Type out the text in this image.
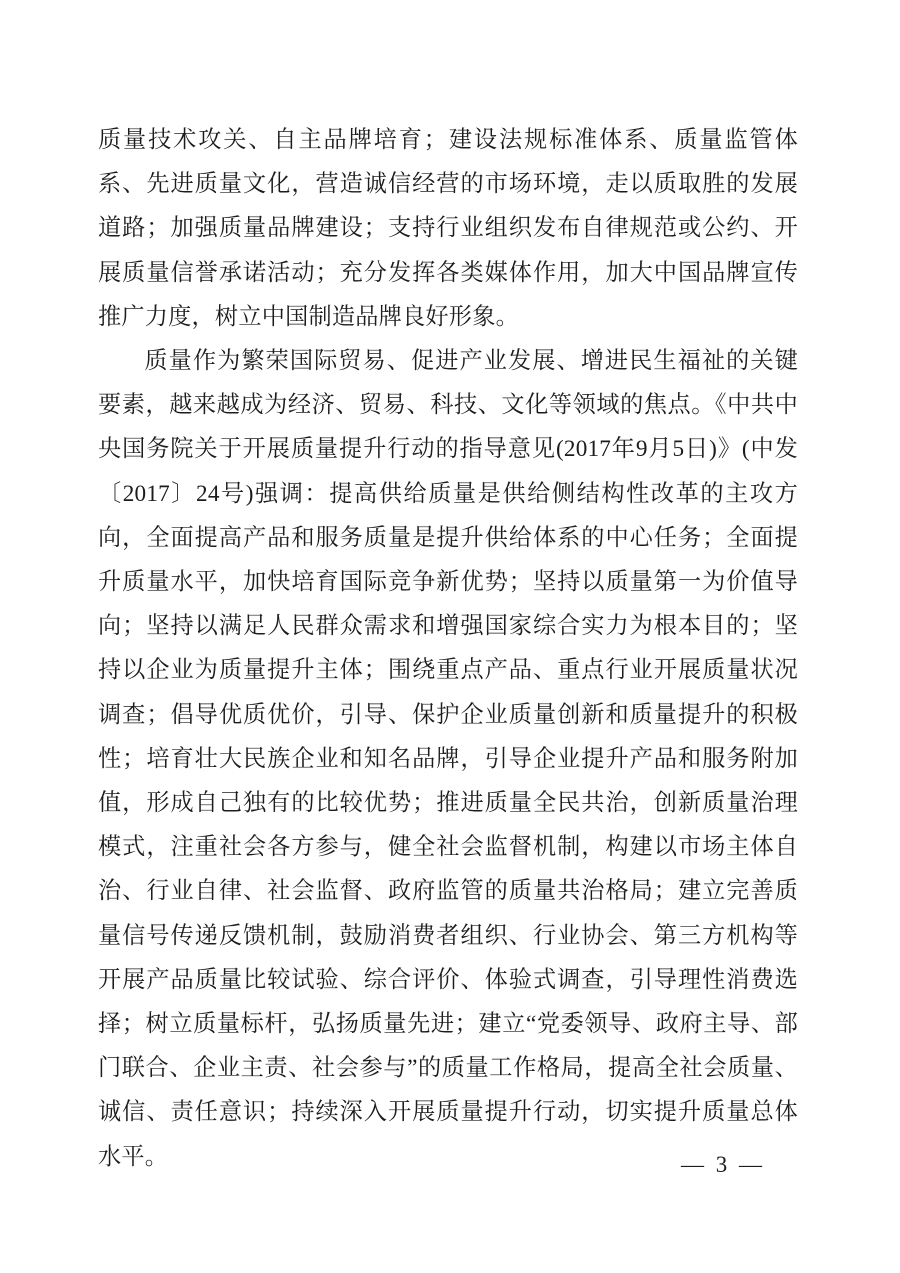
质量技术攻关、自主品牌培育；建设法规标准体系、质量监管体系、先进质量文化，营造诚信经营的市场环境，走以质取胜的发展道路；加强质量品牌建设；支持行业组织发布自律规范或公约、开展质量信誉承诺活动；充分发挥各类媒体作用，加大中国品牌宣传推广力度，树立中国制造品牌良好形象。

质量作为繁荣国际贸易、促进产业发展、增进民生福祉的关键要素，越来越成为经济、贸易、科技、文化等领域的焦点。《中共中央国务院关于开展质量提升行动的指导意见(2017年9月5日)》(中发〔2017〕24号)强调：提高供给质量是供给侧结构性改革的主攻方向，全面提高产品和服务质量是提升供给体系的中心任务；全面提升质量水平，加快培育国际竞争新优势；坚持以质量第一为价值导向；坚持以满足人民群众需求和增强国家综合实力为根本目的；坚持以企业为质量提升主体；围绕重点产品、重点行业开展质量状况调查；倡导优质优价，引导、保护企业质量创新和质量提升的积极性；培育壮大民族企业和知名品牌，引导企业提升产品和服务附加值，形成自己独有的比较优势；推进质量全民共治，创新质量治理模式，注重社会各方参与，健全社会监督机制，构建以市场主体自治、行业自律、社会监督、政府监管的质量共治格局；建立完善质量信号传递反馈机制，鼓励消费者组织、行业协会、第三方机构等开展产品质量比较试验、综合评价、体验式调查，引导理性消费选择；树立质量标杆，弘扬质量先进；建立“党委领导、政府主导、部门联合、企业主责、社会参与”的质量工作格局，提高全社会质量、诚信、责任意识；持续深入开展质量提升行动，切实提升质量总体水平。	— 3 —
